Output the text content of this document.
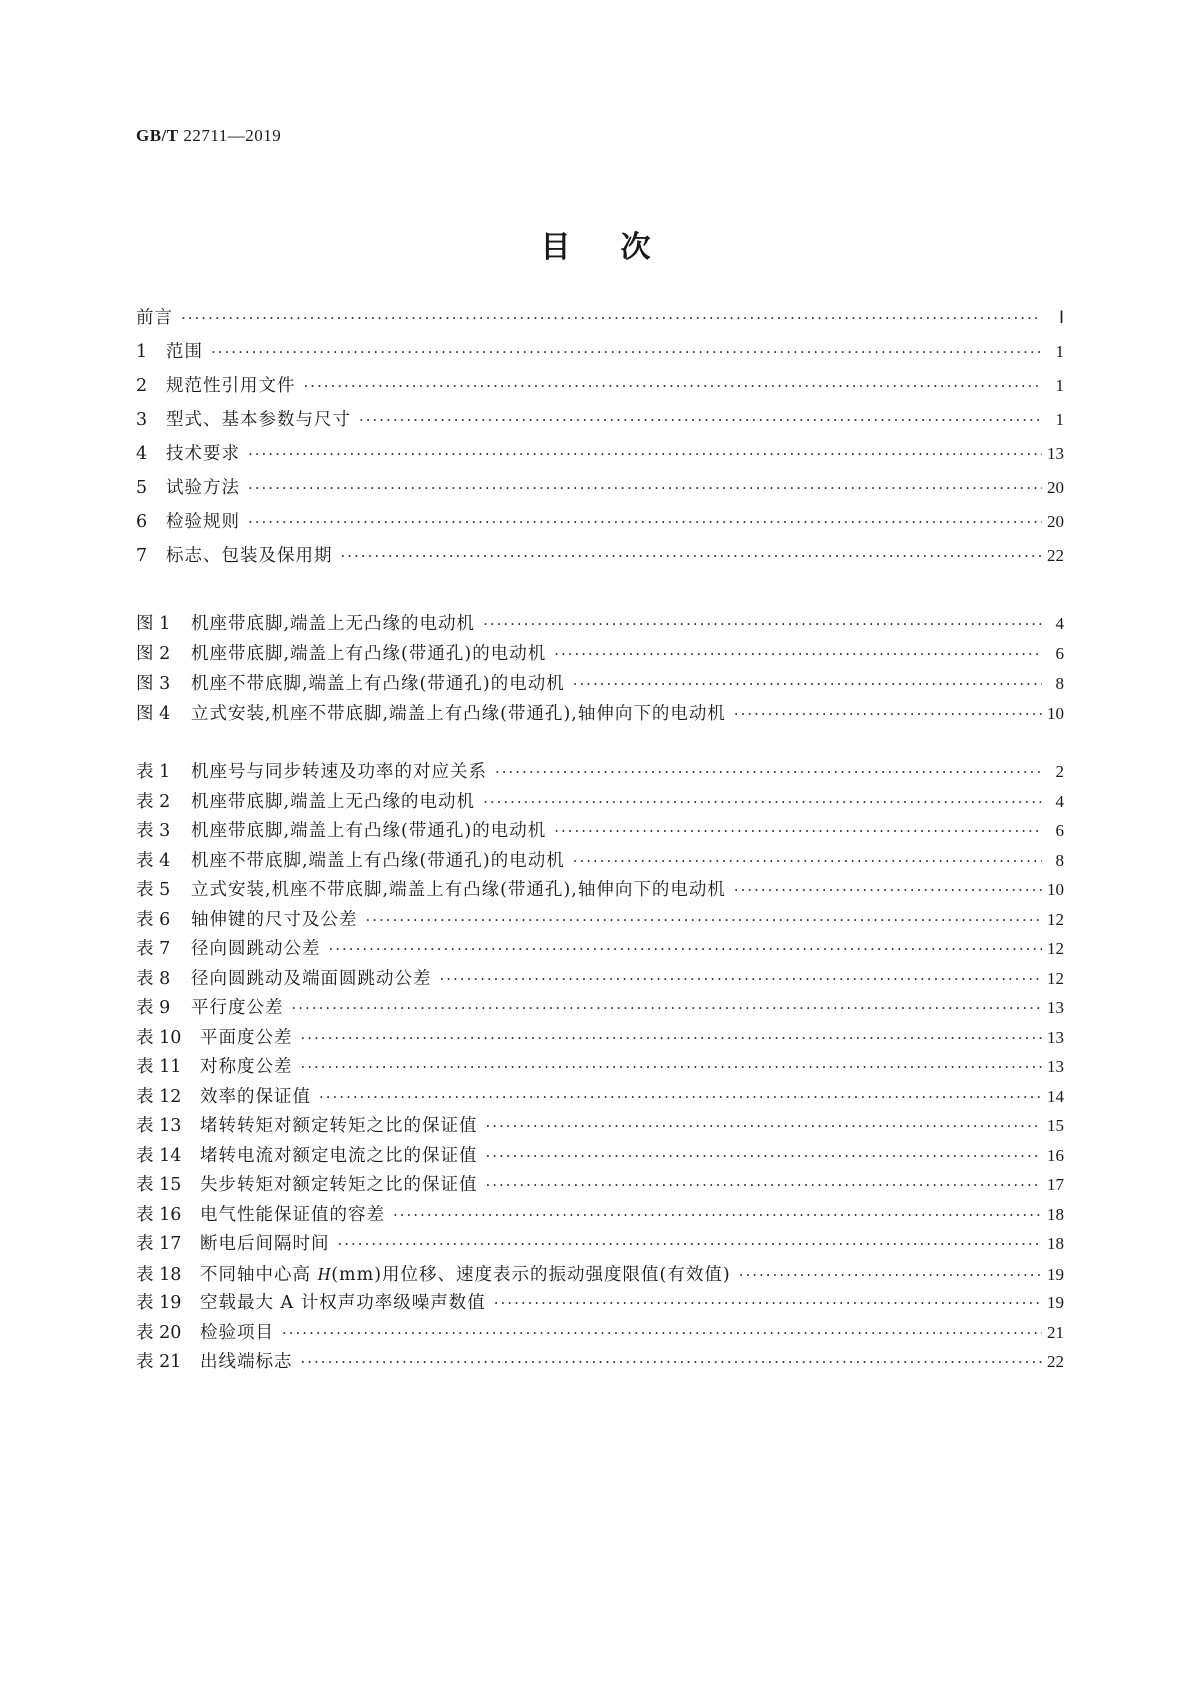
GB/T 22711—2019
目次
前言 ·····	Ⅰ
1	范围 ·····	1
2	规范性引用文件 ·····	1
3	型式、基本参数与尺寸 ·····	1
4	技术要求 ·····	13
5	试验方法 ·····	20
6	检验规则 ·····	20
7	标志、包装及保用期 ·····	22
图 1	机座带底脚,端盖上无凸缘的电动机 ·····	4
图 2	机座带底脚,端盖上有凸缘(带通孔)的电动机 ·····	6
图 3	机座不带底脚,端盖上有凸缘(带通孔)的电动机 ·····	8
图 4	立式安装,机座不带底脚,端盖上有凸缘(带通孔),轴伸向下的电动机 ·····	10
表 1	机座号与同步转速及功率的对应关系 ·····	2
表 2	机座带底脚,端盖上无凸缘的电动机 ·····	4
表 3	机座带底脚,端盖上有凸缘(带通孔)的电动机 ·····	6
表 4	机座不带底脚,端盖上有凸缘(带通孔)的电动机 ·····	8
表 5	立式安装,机座不带底脚,端盖上有凸缘(带通孔),轴伸向下的电动机 ·····	10
表 6	轴伸键的尺寸及公差 ·····	12
表 7	径向圆跳动公差 ·····	12
表 8	径向圆跳动及端面圆跳动公差 ·····	12
表 9	平行度公差 ·····	13
表 10	平面度公差 ·····	13
表 11	对称度公差 ·····	13
表 12	效率的保证值 ·····	14
表 13	堵转转矩对额定转矩之比的保证值 ·····	15
表 14	堵转电流对额定电流之比的保证值 ·····	16
表 15	失步转矩对额定转矩之比的保证值 ·····	17
表 16	电气性能保证值的容差 ·····	18
表 17	断电后间隔时间 ·····	18
表 18	不同轴中心高 H(mm)用位移、速度表示的振动强度限值(有效值) ·····	19
表 19	空载最大 A 计权声功率级噪声数值 ·····	19
表 20	检验项目 ·····	21
表 21	出线端标志 ·····	22
